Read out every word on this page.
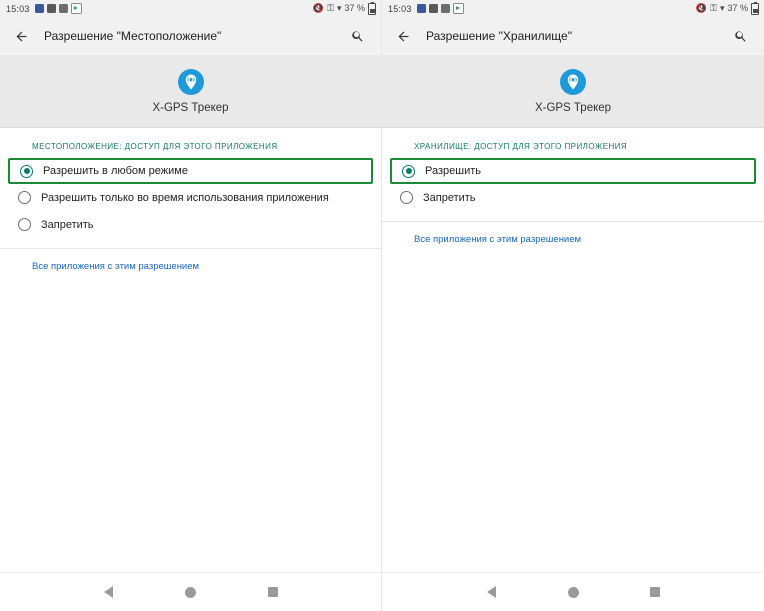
15:03	🔇 ⚿ ▾ 37 %
Разрешение "Местоположение"
X-GPS Трекер
МЕСТОПОЛОЖЕНИЕ: ДОСТУП ДЛЯ ЭТОГО ПРИЛОЖЕНИЯ
Разрешить в любом режиме
Разрешить только во время использования приложения
Запретить
Все приложения с этим разрешением
15:03	🔇 ⚿ ▾ 37 %
Разрешение "Хранилище"
X-GPS Трекер
ХРАНИЛИЩЕ: ДОСТУП ДЛЯ ЭТОГО ПРИЛОЖЕНИЯ
Разрешить
Запретить
Все приложения с этим разрешением
